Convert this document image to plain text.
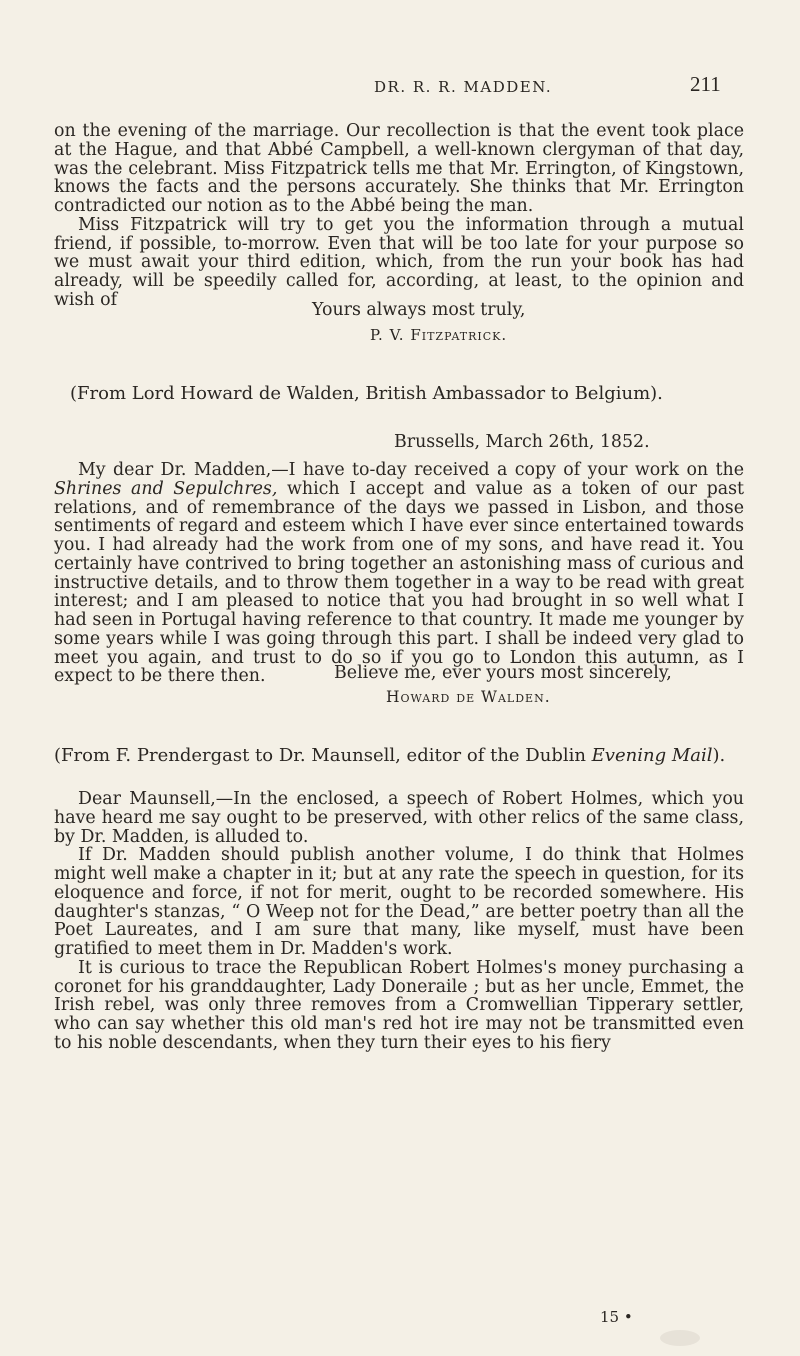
DR. R. R. MADDEN.	211

on the evening of the marriage. Our recollection is that the event took place at the Hague, and that Abbé Campbell, a well-known clergyman of that day, was the celebrant. Miss Fitzpatrick tells me that Mr. Errington, of Kingstown, knows the facts and the persons accurately. She thinks that Mr. Errington contradicted our notion as to the Abbé being the man.

Miss Fitzpatrick will try to get you the information through a mutual friend, if possible, to-morrow. Even that will be too late for your purpose so we must await your third edition, which, from the run your book has had already, will be speedily called for, according, at least, to the opinion and wish of

Yours always most truly,
P. V. Fitzpatrick.
(From Lord Howard de Walden, British Ambassador to Belgium).
Brussells, March 26th, 1852.

My dear Dr. Madden,—I have to-day received a copy of your work on the Shrines and Sepulchres, which I accept and value as a token of our past relations, and of remembrance of the days we passed in Lisbon, and those sentiments of regard and esteem which I have ever since entertained towards you. I had already had the work from one of my sons, and have read it. You certainly have contrived to bring together an astonishing mass of curious and instructive details, and to throw them together in a way to be read with great interest; and I am pleased to notice that you had brought in so well what I had seen in Portugal having reference to that country. It made me younger by some years while I was going through this part. I shall be indeed very glad to meet you again, and trust to do so if you go to London this autumn, as I expect to be there then.	Believe me, ever yours most sincerely,
Howard de Walden.
(From F. Prendergast to Dr. Maunsell, editor of the Dublin Evening Mail).

Dear Maunsell,—In the enclosed, a speech of Robert Holmes, which you have heard me say ought to be preserved, with other relics of the same class, by Dr. Madden, is alluded to.

If Dr. Madden should publish another volume, I do think that Holmes might well make a chapter in it; but at any rate the speech in question, for its eloquence and force, if not for merit, ought to be recorded somewhere. His daughter's stanzas, “ O Weep not for the Dead,” are better poetry than all the Poet Laureates, and I am sure that many, like myself, must have been gratified to meet them in Dr. Madden's work.

It is curious to trace the Republican Robert Holmes's money purchasing a coronet for his granddaughter, Lady Doneraile ; but as her uncle, Emmet, the Irish rebel, was only three removes from a Cromwellian Tipperary settler, who can say whether this old man's red hot ire may not be transmitted even to his noble descendants, when they turn their eyes to his fiery

15 •
